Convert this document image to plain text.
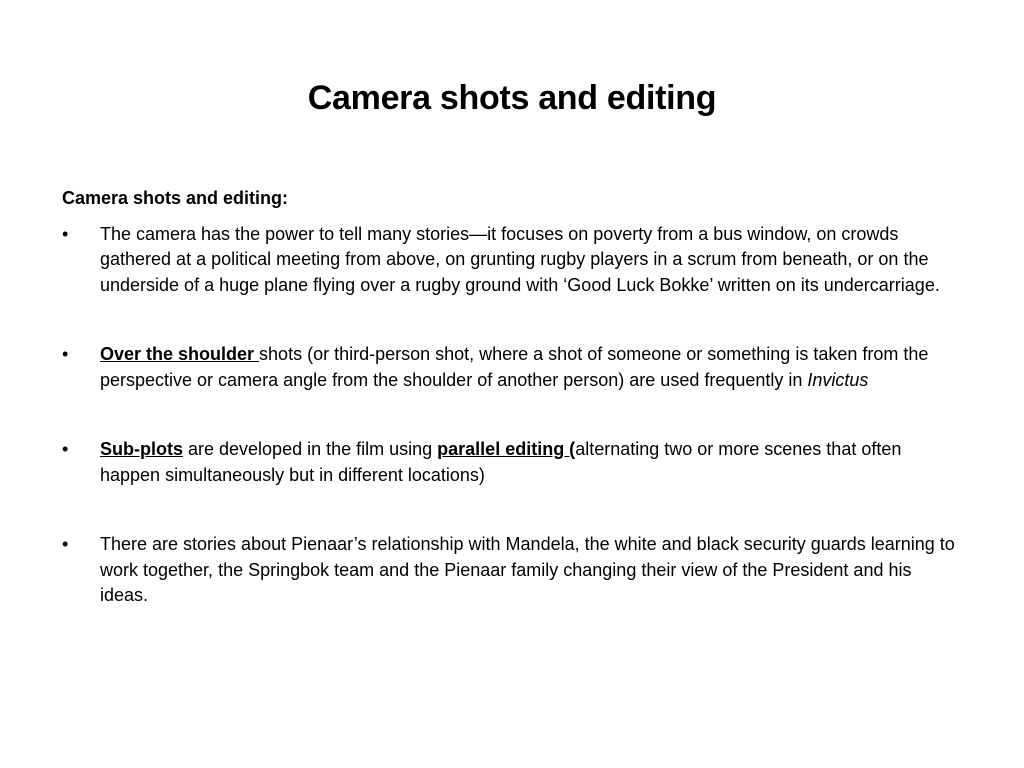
Camera shots and editing
Camera shots and editing:
•	The camera has the power to tell many stories—it focuses on poverty from a bus window, on crowds gathered at a political meeting from above, on grunting rugby players in a scrum from beneath, or on the underside of a huge plane flying over a rugby ground with ‘Good Luck Bokke’ written on its undercarriage.
•	Over the shoulder shots (or third-person shot, where a shot of someone or something is taken from the perspective or camera angle from the shoulder of another person) are used frequently in Invictus
•	Sub-plots are developed in the film using parallel editing (alternating two or more scenes that often happen simultaneously but in different locations)
•	There are stories about Pienaar’s relationship with Mandela, the white and black security guards learning to work together, the Springbok team and the Pienaar family changing their view of the President and his ideas.
